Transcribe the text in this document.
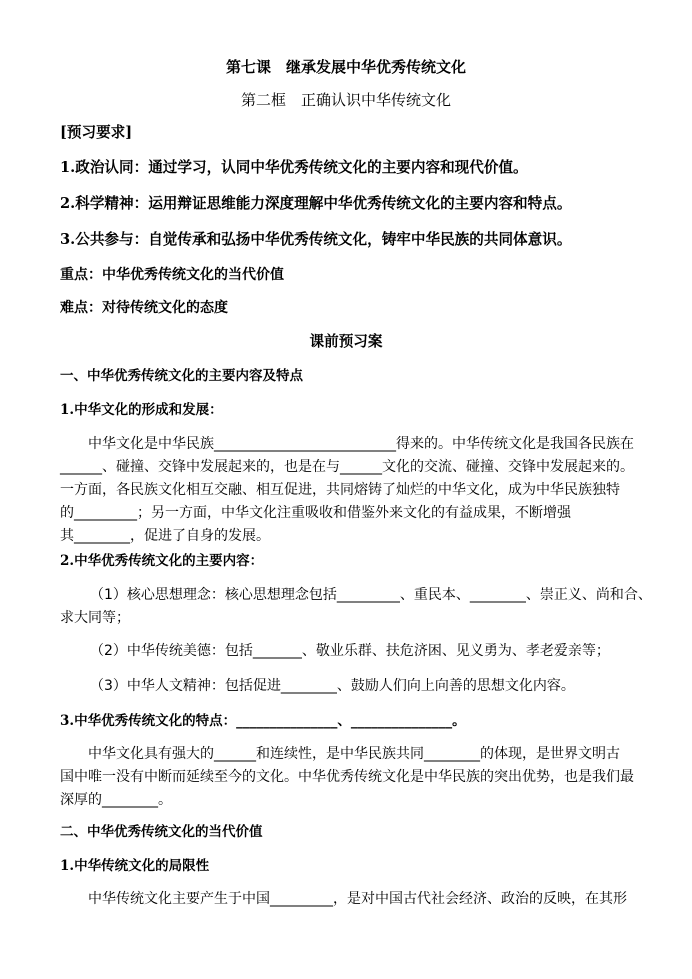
第七课　继承发展中华优秀传统文化
第二框　正确认识中华传统文化
[预习要求]
1.政治认同：通过学习，认同中华优秀传统文化的主要内容和现代价值。
2.科学精神：运用辩证思维能力深度理解中华优秀传统文化的主要内容和特点。
3.公共参与：自觉传承和弘扬中华优秀传统文化，铸牢中华民族的共同体意识。
重点：中华优秀传统文化的当代价值
难点：对待传统文化的态度
课前预习案
一、中华优秀传统文化的主要内容及特点
1.中华文化的形成和发展：
中华文化是中华民族__________________________得来的。中华传统文化是我国各民族在
______、碰撞、交锋中发展起来的，也是在与______文化的交流、碰撞、交锋中发展起来的。
一方面，各民族文化相互交融、相互促进，共同熔铸了灿烂的中华文化，成为中华民族独特
的_________；另一方面，中华文化注重吸收和借鉴外来文化的有益成果，不断增强
其________，促进了自身的发展。
2.中华优秀传统文化的主要内容：
（1）核心思想理念：核心思想理念包括_________、重民本、________、崇正义、尚和合、
求大同等；
（2）中华传统美德：包括_______、敬业乐群、扶危济困、见义勇为、孝老爱亲等；
（3）中华人文精神：包括促进________、鼓励人们向上向善的思想文化内容。
3.中华优秀传统文化的特点：_______________、_______________。
中华文化具有强大的______和连续性，是中华民族共同________的体现，是世界文明古
国中唯一没有中断而延续至今的文化。中华优秀传统文化是中华民族的突出优势，也是我们最
深厚的________。
二、中华优秀传统文化的当代价值
1.中华传统文化的局限性
中华传统文化主要产生于中国_________，是对中国古代社会经济、政治的反映，在其形
